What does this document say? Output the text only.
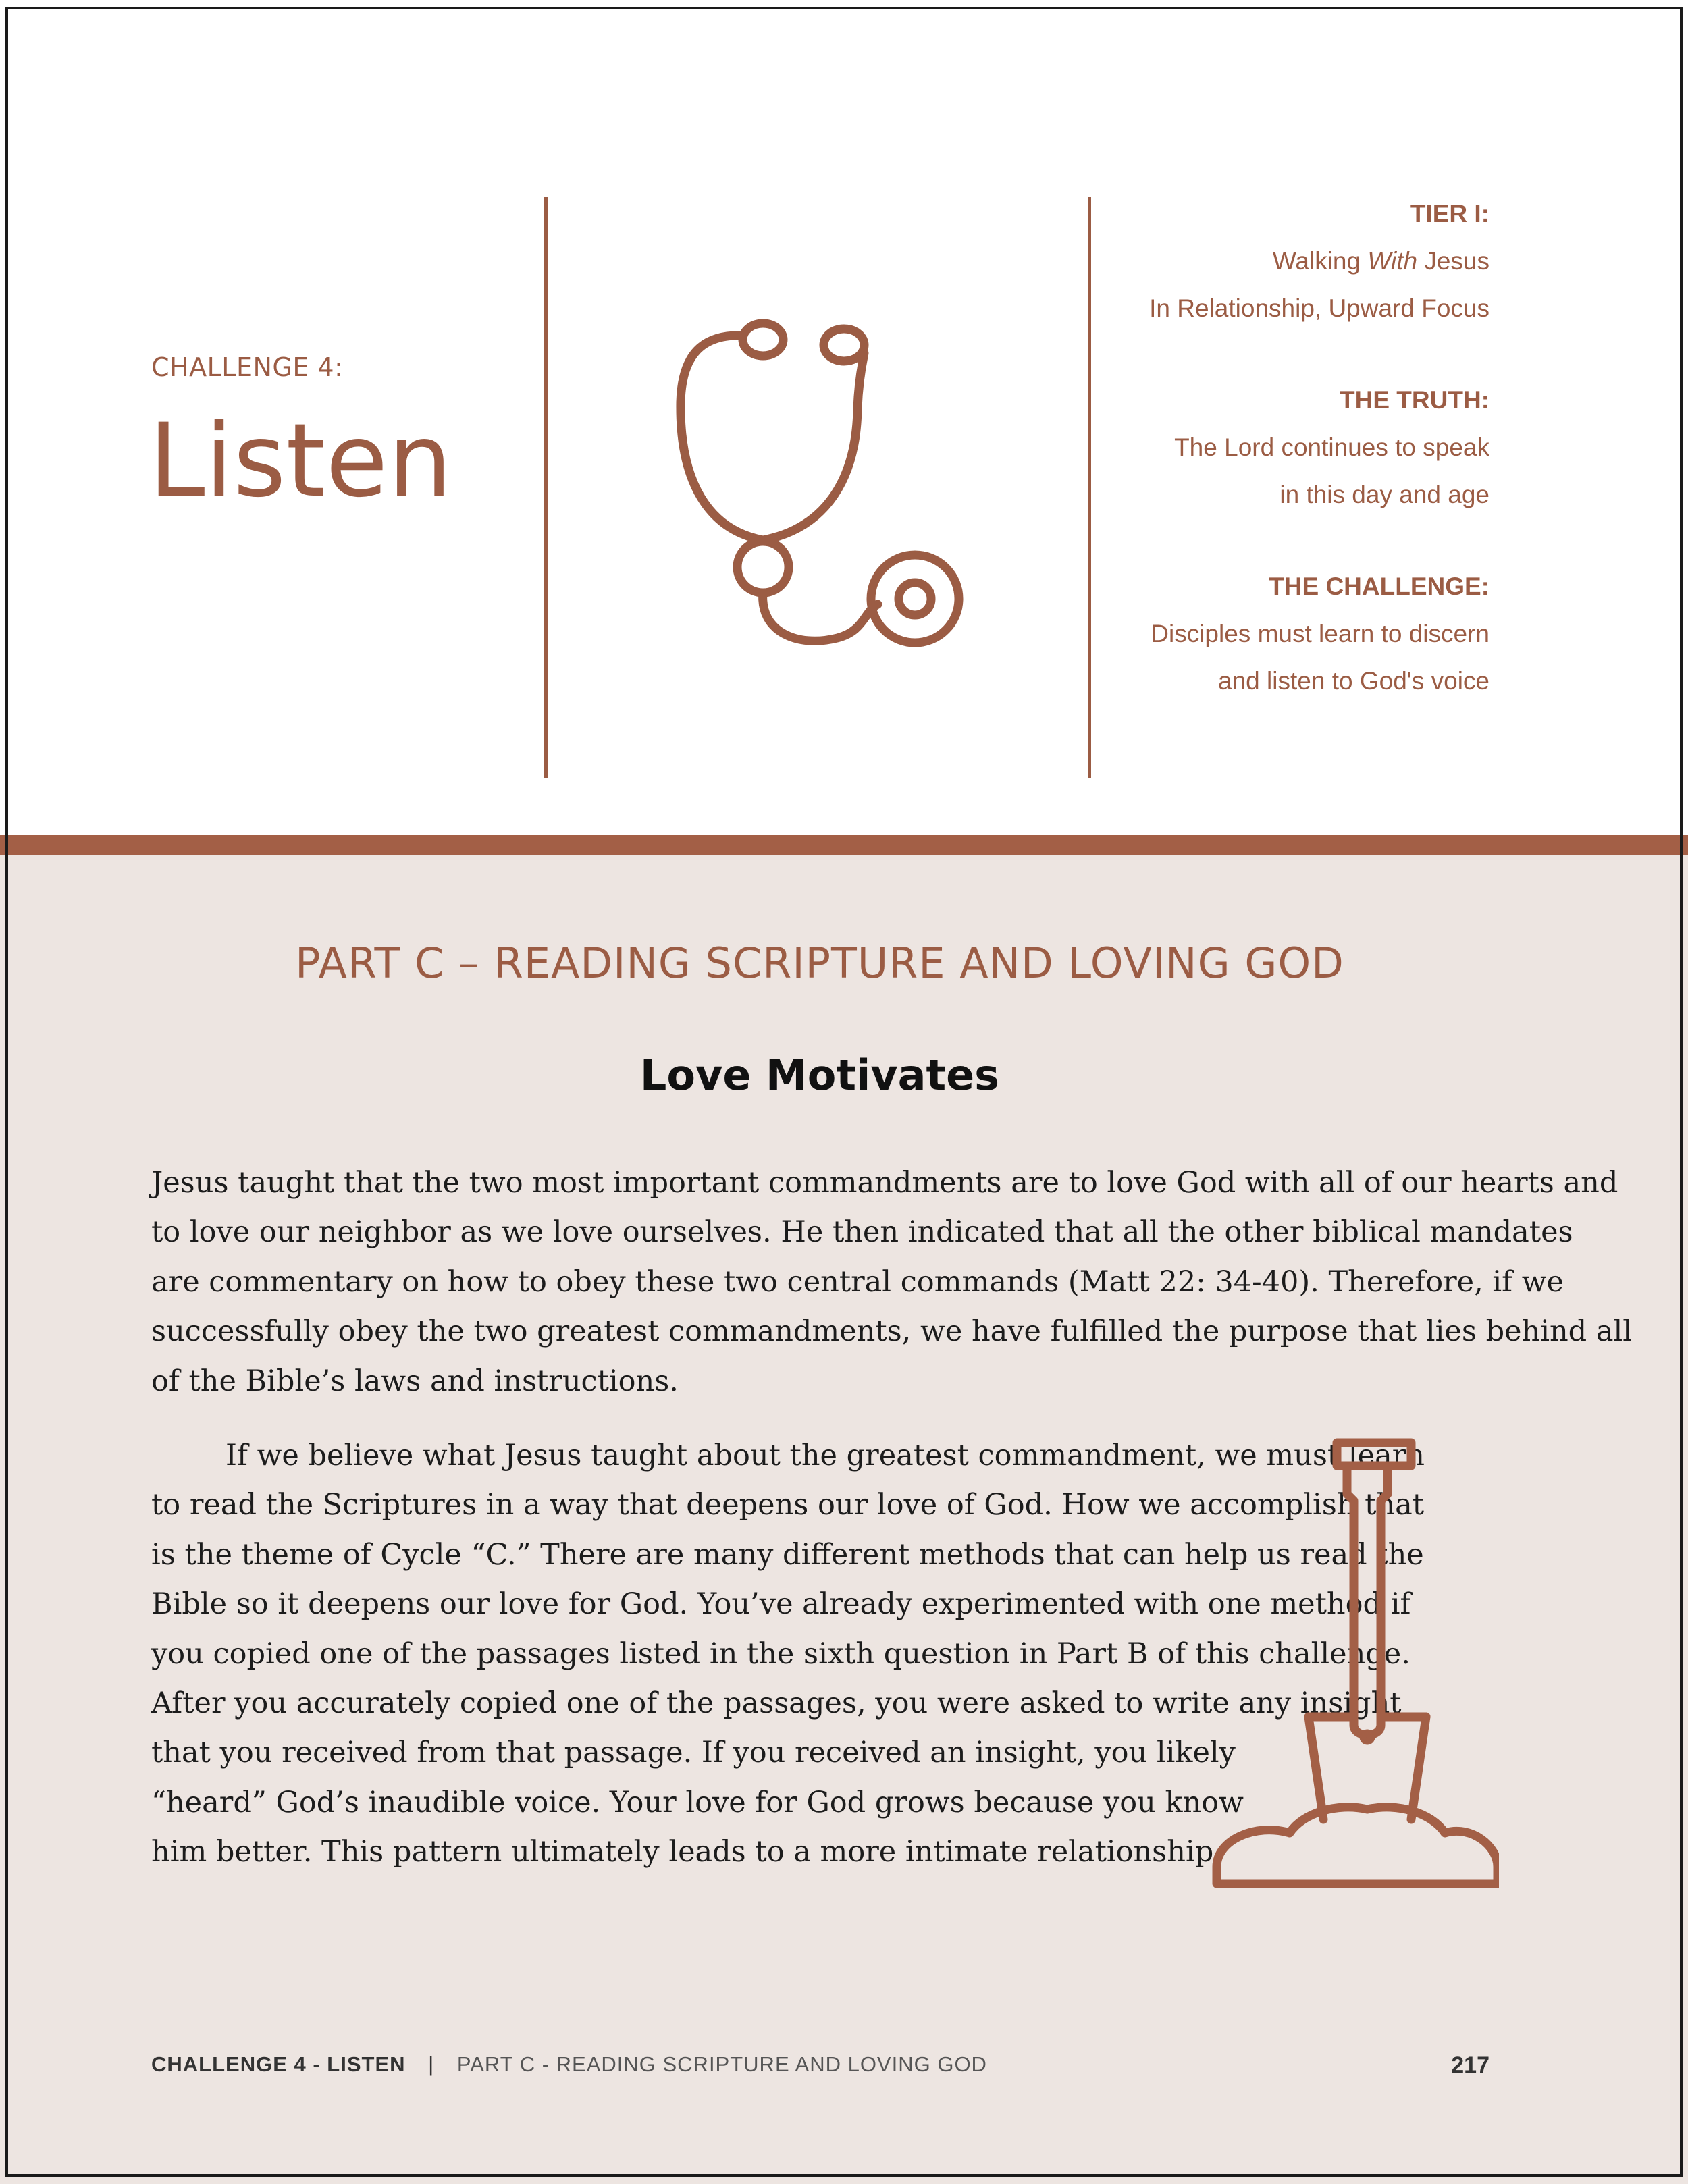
CHALLENGE 4:
Listen
TIER I:
Walking With Jesus
In Relationship, Upward Focus
THE TRUTH:
The Lord continues to speak
in this day and age
THE CHALLENGE:
Disciples must learn to discern
and listen to God's voice
PART C – READING SCRIPTURE AND LOVING GOD
Love Motivates
Jesus taught that the two most important commandments are to love God with all of our hearts and
to love our neighbor as we love ourselves. He then indicated that all the other biblical mandates
are commentary on how to obey these two central commands (Matt 22: 34-40). Therefore, if we
successfully obey the two greatest commandments, we have fulfilled the purpose that lies behind all
of the Bible’s laws and instructions.
If we believe what Jesus taught about the greatest commandment, we must learn
to read the Scriptures in a way that deepens our love of God. How we accomplish that
is the theme of Cycle “C.” There are many different methods that can help us read the
Bible so it deepens our love for God. You’ve already experimented with one method if
you copied one of the passages listed in the sixth question in Part B of this challenge.
After you accurately copied one of the passages, you were asked to write any insight
that you received from that passage. If you received an insight, you likely
“heard” God’s inaudible voice. Your love for God grows because you know
him better. This pattern ultimately leads to a more intimate relationship.
CHALLENGE 4 - LISTEN | PART C - READING SCRIPTURE AND LOVING GOD	217
